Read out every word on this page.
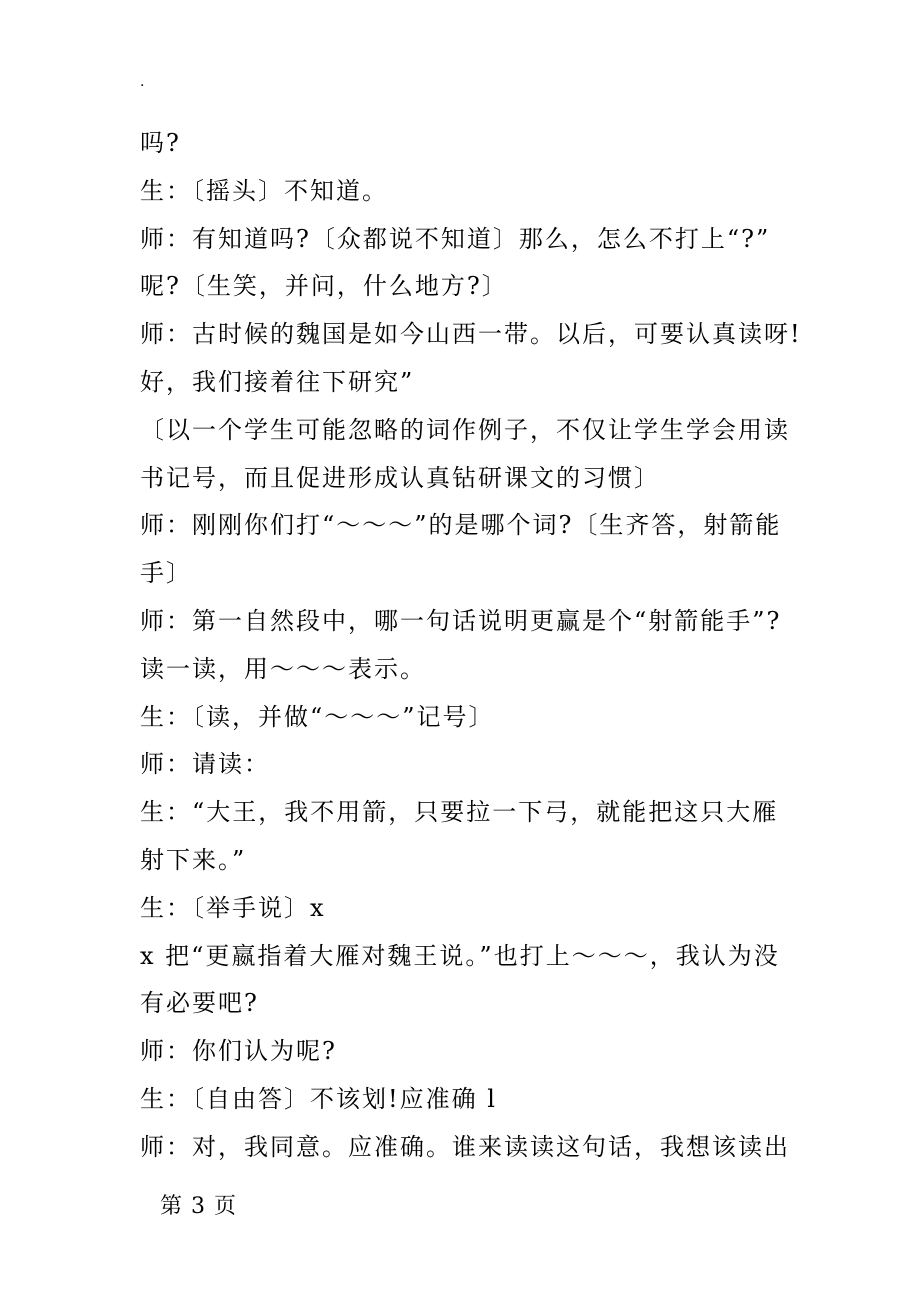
.
吗?
生：〔摇头〕不知道。
师：有知道吗?〔众都说不知道〕那么，怎么不打上“?”
呢?〔生笑，并问，什么地方?〕
师：古时候的魏国是如今山西一带。以后，可要认真读呀!
好，我们接着往下研究”
〔以一个学生可能忽略的词作例子，不仅让学生学会用读
书记号，而且促进形成认真钻研课文的习惯〕
师：刚刚你们打“～～～”的是哪个词?〔生齐答，射箭能
手〕
师：第一自然段中，哪一句话说明更赢是个“射箭能手”?
读一读，用～～～表示。
生：〔读，并做“～～～”记号〕
师：请读：
生：“大王，我不用箭，只要拉一下弓，就能把这只大雁
射下来。”
生：〔举手说〕x
x 把“更嬴指着大雁对魏王说。”也打上～～～，我认为没
有必要吧?
师：你们认为呢?
生：〔自由答〕不该划!应准确 l
师：对，我同意。应准确。谁来读读这句话，我想该读出
第 3 页
